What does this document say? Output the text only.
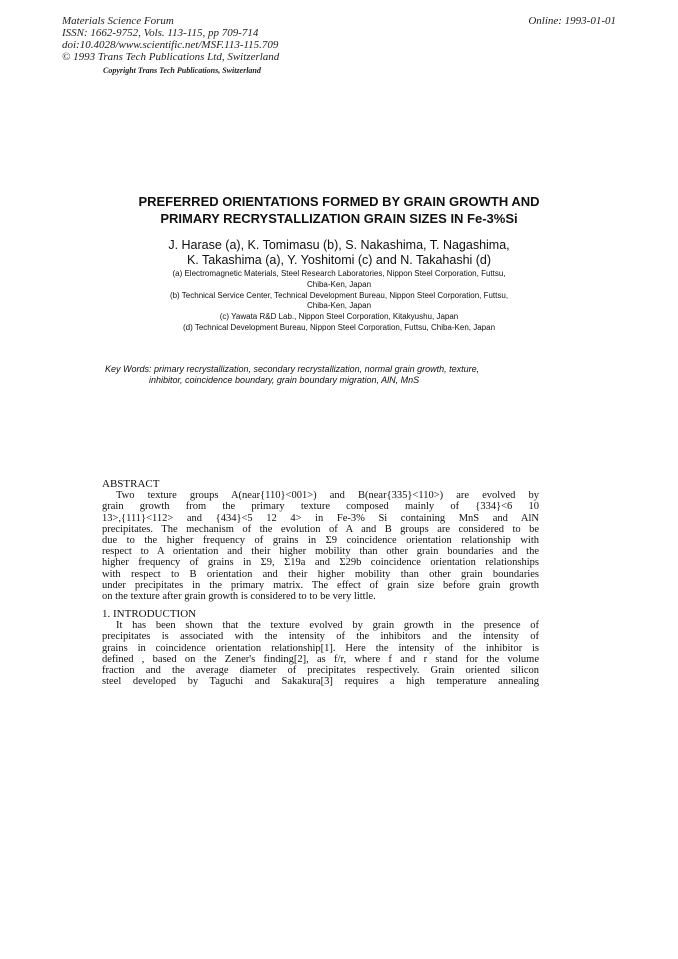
Materials Science Forum
ISSN: 1662-9752, Vols. 113-115, pp 709-714
doi:10.4028/www.scientific.net/MSF.113-115.709
© 1993 Trans Tech Publications Ltd, Switzerland
Online: 1993-01-01
Copyright Trans Tech Publications, Switzerland
PREFERRED ORIENTATIONS FORMED BY GRAIN GROWTH AND
PRIMARY RECRYSTALLIZATION GRAIN SIZES IN Fe-3%Si
J. Harase (a), K. Tomimasu (b), S. Nakashima, T. Nagashima,
K. Takashima (a), Y. Yoshitomi (c) and N. Takahashi (d)
(a) Electromagnetic Materials, Steel Research Laboratories, Nippon Steel Corporation, Futtsu,
Chiba-Ken, Japan
(b) Technical Service Center, Technical Development Bureau, Nippon Steel Corporation, Futtsu,
Chiba-Ken, Japan
(c) Yawata R&D Lab., Nippon Steel Corporation, Kitakyushu, Japan
(d) Technical Development Bureau, Nippon Steel Corporation, Futtsu, Chiba-Ken, Japan
Key Words: primary recrystallization, secondary recrystallization, normal grain growth, texture,
inhibitor, coincidence boundary, grain boundary migration, AlN, MnS
ABSTRACT
Two texture groups A(near{110}<001>) and B(near{335}<110>) are evolved by
grain growth from the primary texture composed mainly of {334}<6 10
13>,{111}<112> and {434}<5 12 4> in Fe-3% Si containing MnS and AlN
precipitates. The mechanism of the evolution of A and B groups are considered to be
due to the higher frequency of grains in Σ9 coincidence orientation relationship with
respect to A orientation and their higher mobility than other grain boundaries and the
higher frequency of grains in Σ9, Σ19a and Σ29b coincidence orientation relationships
with respect to B orientation and their higher mobility than other grain boundaries
under precipitates in the primary matrix. The effect of grain size before grain growth
on the texture after grain growth is considered to to be very little.
1. INTRODUCTION
It has been shown that the texture evolved by grain growth in the presence of
precipitates is associated with the intensity of the inhibitors and the intensity of
grains in coincidence orientation relationship[1]. Here the intensity of the inhibitor is
defined , based on the Zener's finding[2], as f/r, where f and r stand for the volume
fraction and the average diameter of precipitates respectively. Grain oriented silicon
steel developed by Taguchi and Sakakura[3] requires a high temperature annealing
